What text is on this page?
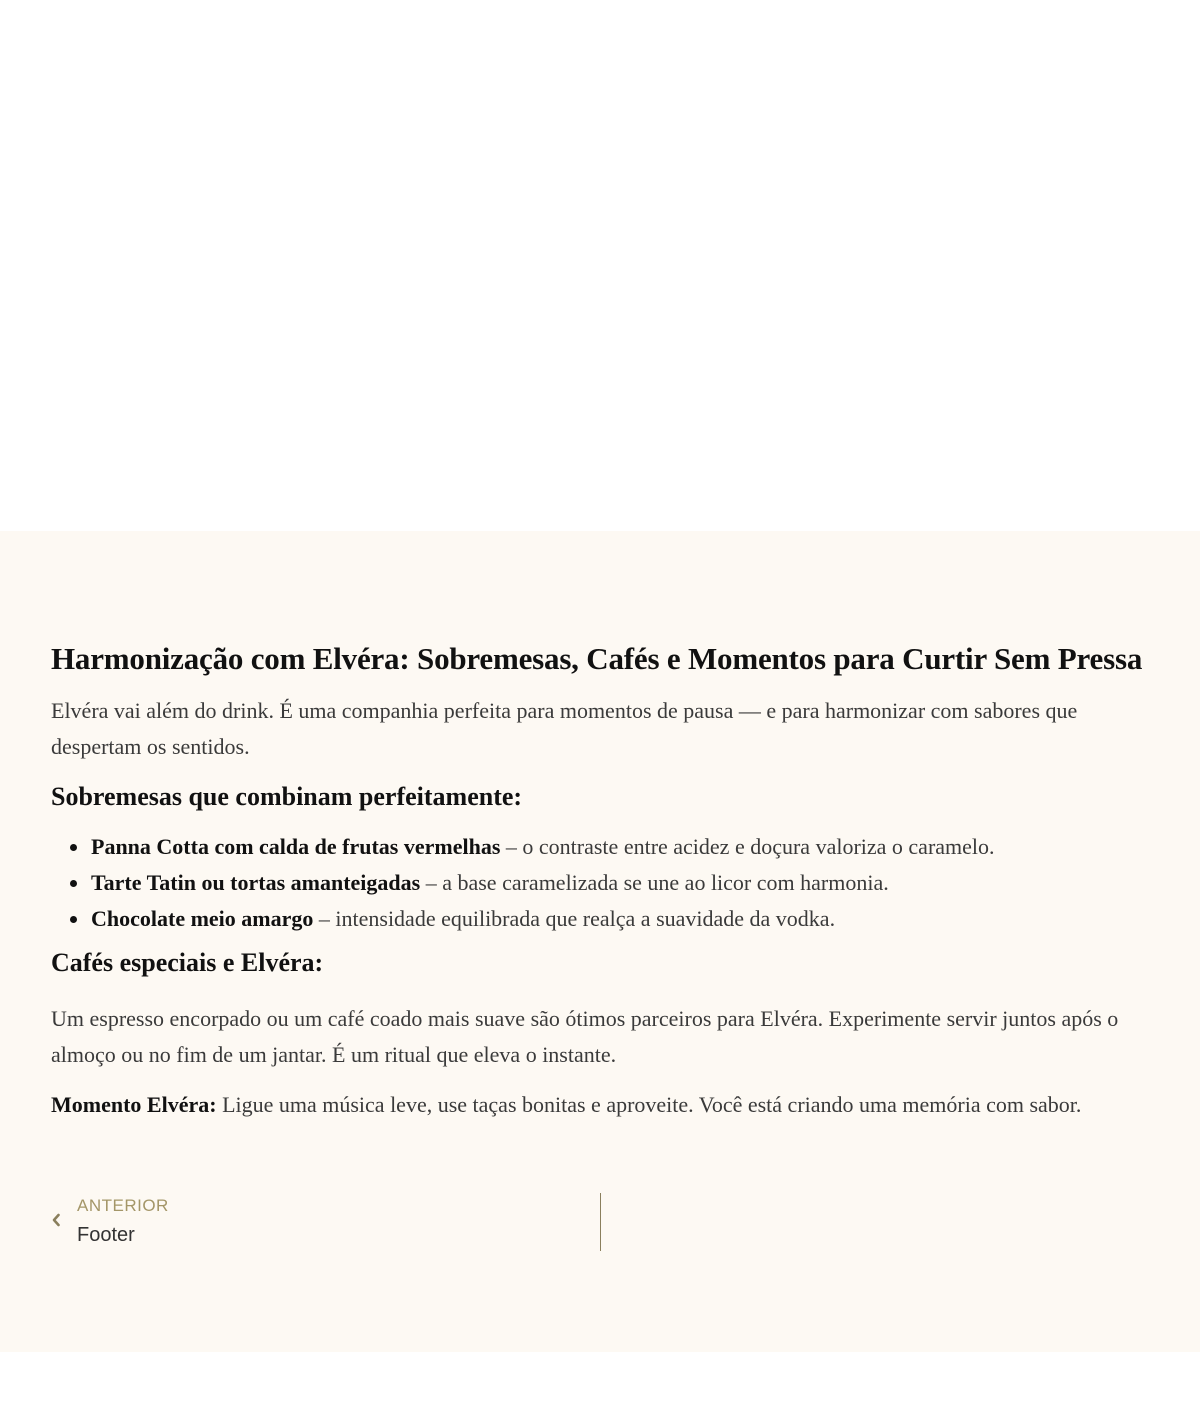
Harmonização com Elvéra: Sobremesas, Cafés e Momentos para Curtir Sem Pressa

Elvéra vai além do drink. É uma companhia perfeita para momentos de pausa — e para harmonizar com sabores que despertam os sentidos.

Sobremesas que combinam perfeitamente:
Panna Cotta com calda de frutas vermelhas – o contraste entre acidez e doçura valoriza o caramelo.
Tarte Tatin ou tortas amanteigadas – a base caramelizada se une ao licor com harmonia.
Chocolate meio amargo – intensidade equilibrada que realça a suavidade da vodka.
Cafés especiais e Elvéra:

Um espresso encorpado ou um café coado mais suave são ótimos parceiros para Elvéra. Experimente servir juntos após o almoço ou no fim de um jantar. É um ritual que eleva o instante.

Momento Elvéra: Ligue uma música leve, use taças bonitas e aproveite. Você está criando uma memória com sabor.

ANTERIOR
Footer
